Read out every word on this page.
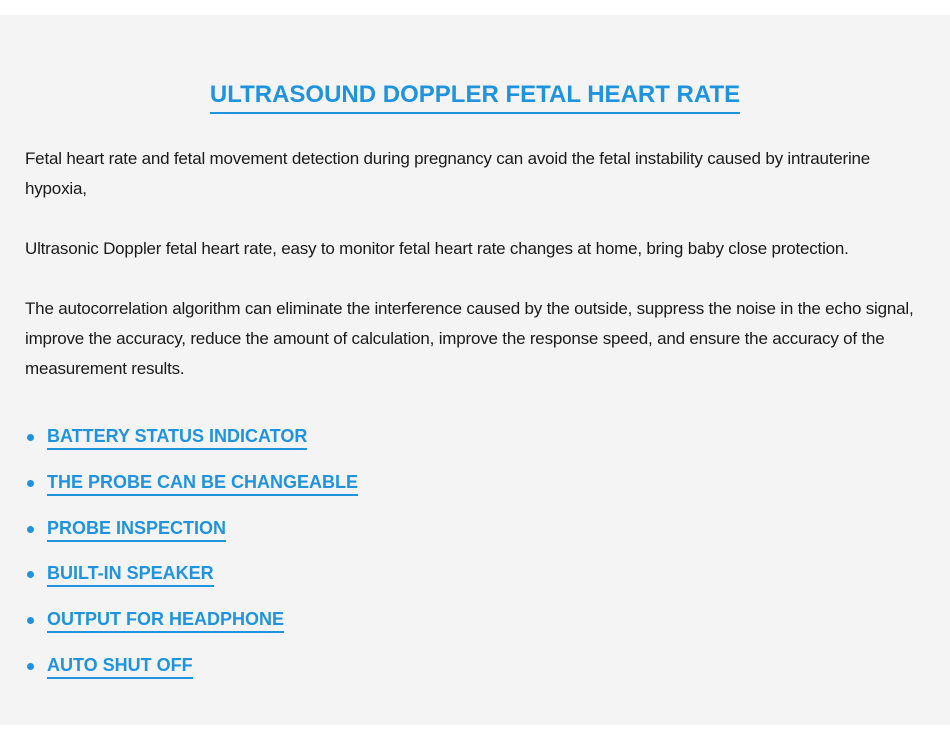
ULTRASOUND DOPPLER FETAL HEART RATE

Fetal heart rate and fetal movement detection during pregnancy can avoid the fetal instability caused by intrauterine hypoxia,

Ultrasonic Doppler fetal heart rate, easy to monitor fetal heart rate changes at home, bring baby close protection.

The autocorrelation algorithm can eliminate the interference caused by the outside, suppress the noise in the echo signal, improve the accuracy, reduce the amount of calculation, improve the response speed, and ensure the accuracy of the measurement results.

BATTERY STATUS INDICATOR
THE PROBE CAN BE CHANGEABLE
PROBE INSPECTION
BUILT-IN SPEAKER
OUTPUT FOR HEADPHONE
AUTO SHUT OFF
